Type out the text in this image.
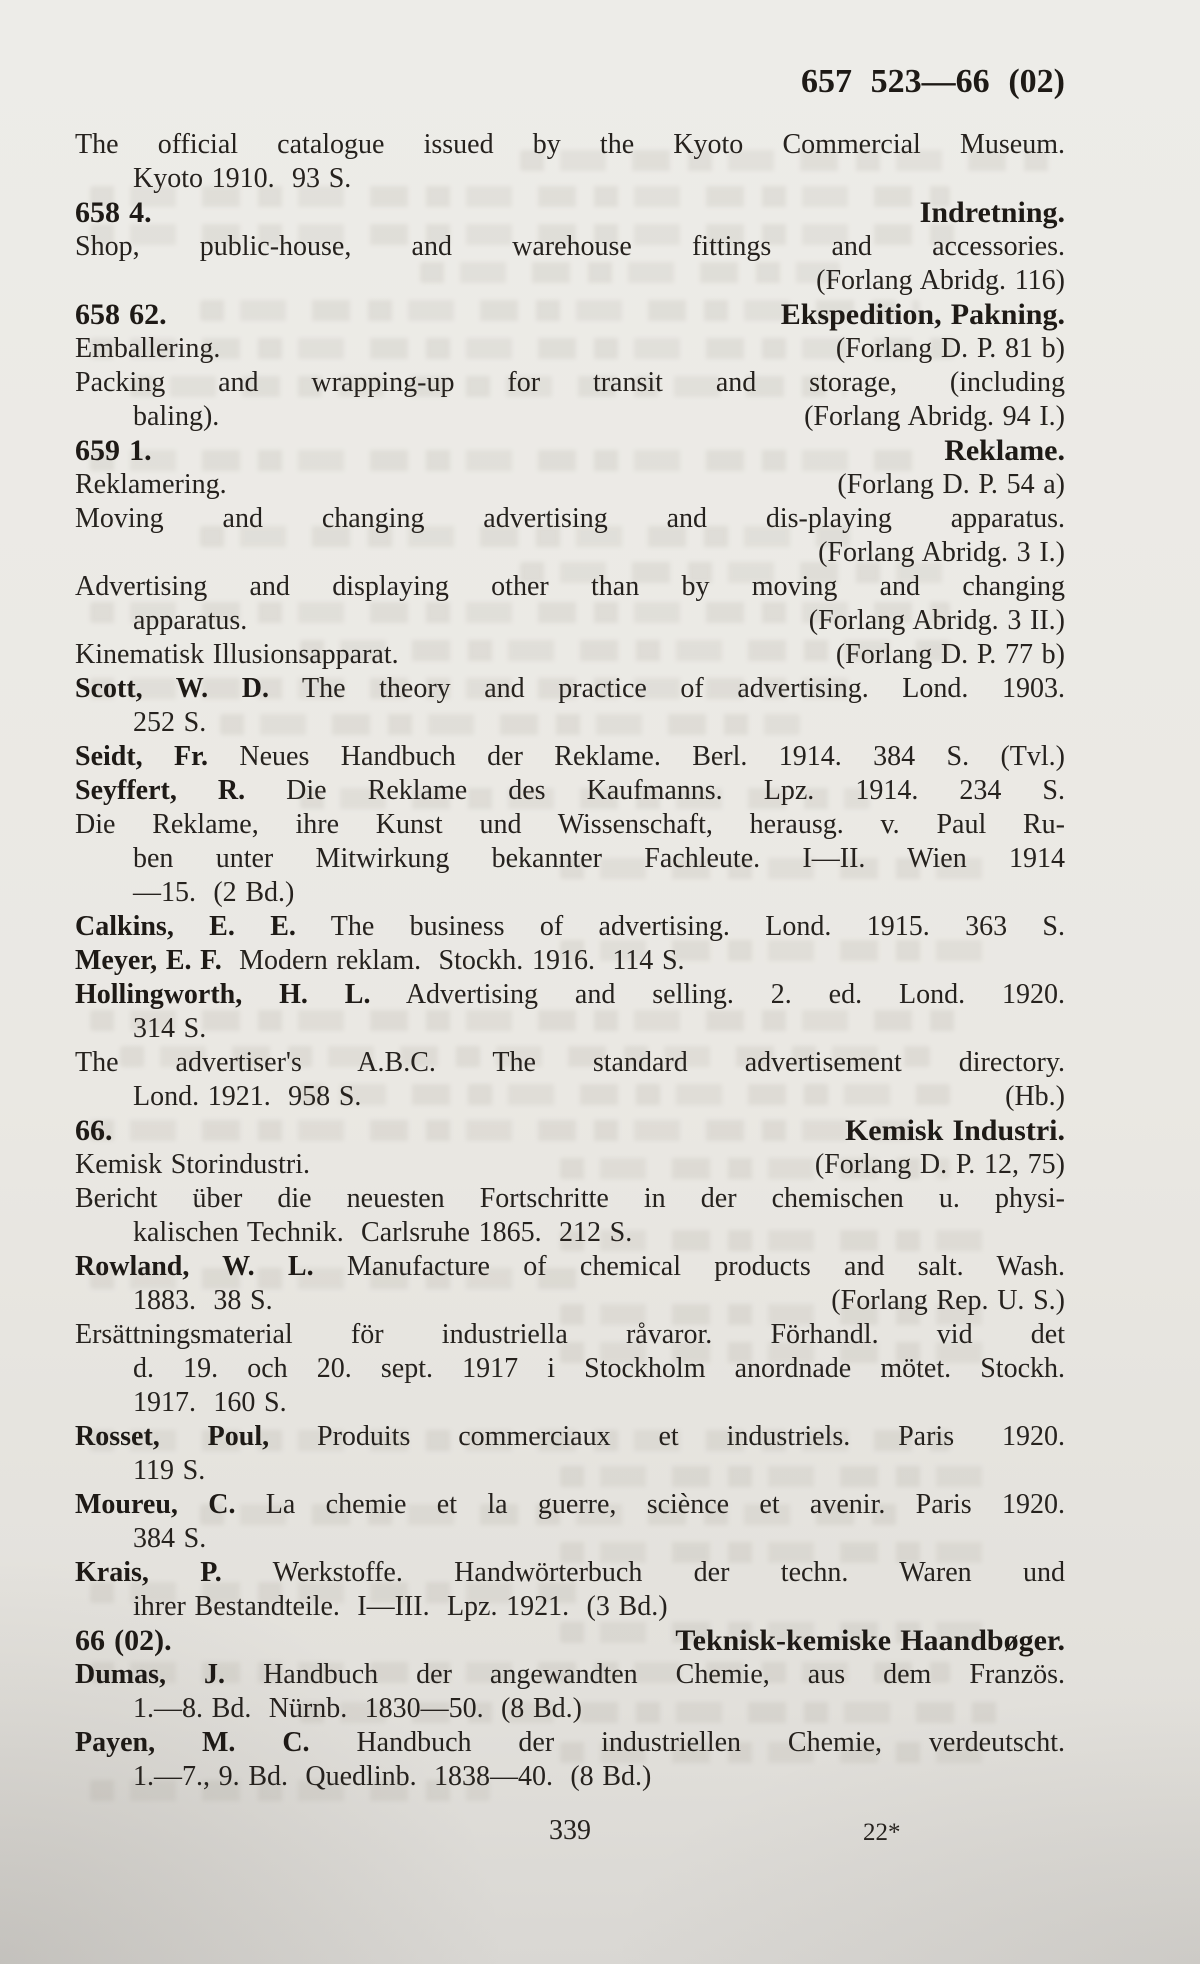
657 523—66 (02)
The official catalogue issued by the Kyoto Commercial Museum.
Kyoto 1910.  93 S.
658 4.	Indretning.
Shop, public-house, and warehouse fittings and accessories.
(Forlang Abridg. 116)
658 62.	Ekspedition, Pakning.
Emballering.	(Forlang D. P. 81 b)
Packing and wrapping-up for transit and storage, (including
baling).	(Forlang Abridg. 94 I.)
659 1.	Reklame.
Reklamering.	(Forlang D. P. 54 a)
Moving and changing advertising and dis-playing apparatus.
(Forlang Abridg. 3 I.)
Advertising and displaying other than by moving and changing
apparatus.	(Forlang Abridg. 3 II.)
Kinematisk Illusionsapparat.	(Forlang D. P. 77 b)
Scott, W. D. The theory and practice of advertising. Lond. 1903.
252 S.
Seidt, Fr. Neues Handbuch der Reklame. Berl. 1914. 384 S. (Tvl.)
Seyffert, R. Die Reklame des Kaufmanns. Lpz. 1914. 234 S.
Die Reklame, ihre Kunst und Wissenschaft, herausg. v. Paul Ru-
ben unter Mitwirkung bekannter Fachleute. I—II. Wien 1914
—15.  (2 Bd.)
Calkins, E. E. The business of advertising. Lond. 1915. 363 S.
Meyer, E. F.  Modern reklam.  Stockh. 1916.  114 S.
Hollingworth, H. L. Advertising and selling. 2. ed. Lond. 1920.
314 S.
The advertiser's A.B.C. The standard advertisement directory.
Lond. 1921.  958 S.	(Hb.)
66.	Kemisk Industri.
Kemisk Storindustri.	(Forlang D. P. 12, 75)
Bericht über die neuesten Fortschritte in der chemischen u. physi-
kalischen Technik.  Carlsruhe 1865.  212 S.
Rowland, W. L. Manufacture of chemical products and salt. Wash.
1883.  38 S.	(Forlang Rep. U. S.)
Ersättningsmaterial för industriella råvaror. Förhandl. vid det
d. 19. och 20. sept. 1917 i Stockholm anordnade mötet. Stockh.
1917.  160 S.
Rosset, Poul, Produits commerciaux et industriels. Paris 1920.
119 S.
Moureu, C. La chemie et la guerre, sciènce et avenir. Paris 1920.
384 S.
Krais, P. Werkstoffe. Handwörterbuch der techn. Waren und
ihrer Bestandteile.  I—III.  Lpz. 1921.  (3 Bd.)
66 (02).	Teknisk-kemiske Haandbøger.
Dumas, J. Handbuch der angewandten Chemie, aus dem Französ.
1.—8. Bd.  Nürnb.  1830—50.  (8 Bd.)
Payen, M. C. Handbuch der industriellen Chemie, verdeutscht.
1.—7., 9. Bd.  Quedlinb.  1838—40.  (8 Bd.)
339	22*
